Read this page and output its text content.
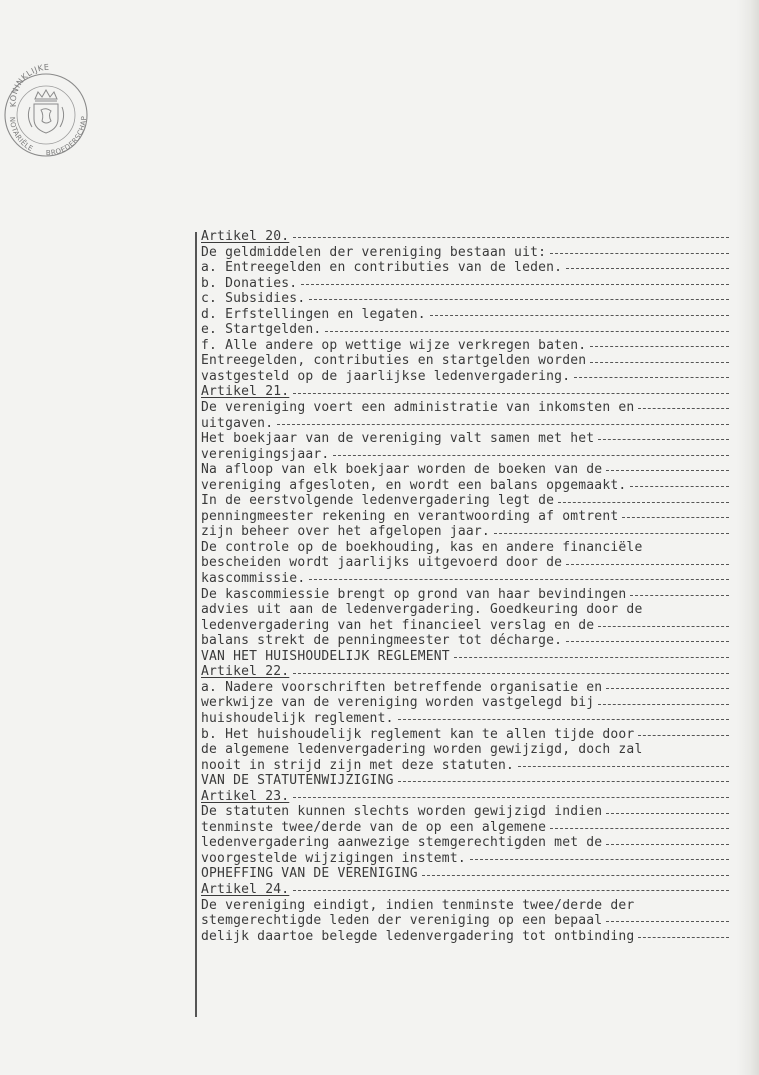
KONINKLIJKE
NOTARIËLE BROEDERSCHAP
Artikel 20.
De geldmiddelen der vereniging bestaan uit:
a. Entreegelden en contributies van de leden.
b. Donaties.
c. Subsidies.
d. Erfstellingen en legaten.
e. Startgelden.
f. Alle andere op wettige wijze verkregen baten.
Entreegelden, contributies en startgelden worden
vastgesteld op de jaarlijkse ledenvergadering.
Artikel 21.
De vereniging voert een administratie van inkomsten en
uitgaven.
Het boekjaar van de vereniging valt samen met het
verenigingsjaar.
Na afloop van elk boekjaar worden de boeken van de
vereniging afgesloten, en wordt een balans opgemaakt.
In de eerstvolgende ledenvergadering legt de
penningmeester rekening en verantwoording af omtrent
zijn beheer over het afgelopen jaar.
De controle op de boekhouding, kas en andere financiële
bescheiden wordt jaarlijks uitgevoerd door de
kascommissie.
De kascommiessie brengt op grond van haar bevindingen
advies uit aan de ledenvergadering. Goedkeuring door de
ledenvergadering van het financieel verslag en de
balans strekt de penningmeester tot décharge.
VAN HET HUISHOUDELIJK REGLEMENT
Artikel 22.
a. Nadere voorschriften betreffende organisatie en
werkwijze van de vereniging worden vastgelegd bij
huishoudelijk reglement.
b. Het huishoudelijk reglement kan te allen tijde door
de algemene ledenvergadering worden gewijzigd, doch zal
nooit in strijd zijn met deze statuten.
VAN DE STATUTENWIJZIGING
Artikel 23.
De statuten kunnen slechts worden gewijzigd indien
tenminste twee/derde van de op een algemene
ledenvergadering aanwezige stemgerechtigden met de
voorgestelde wijzigingen instemt.
OPHEFFING VAN DE VERENIGING
Artikel 24.
De vereniging eindigt, indien tenminste twee/derde der
stemgerechtigde leden der vereniging op een bepaal
delijk daartoe belegde ledenvergadering tot ontbinding
